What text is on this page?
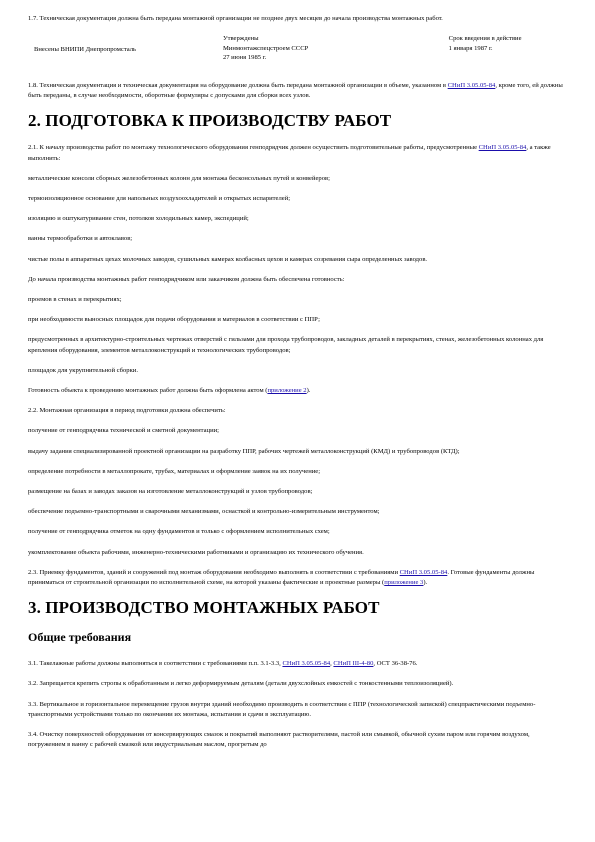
1.7. Техническая документация должна быть передана монтажной организации не позднее двух месяцев до начала производства монтажных работ.

Внесены ВНИПИ Днепропромсталь
Утверждены
Минмонтажспецстроем СССР
27 июня 1985 г.
Срок введения в действие
1 января 1987 г.

1.8. Техническая документация и техническая документация на оборудование должна быть передана монтажной организации в объеме, указанном в СНиП 3.05.05-84, кроме того, ей должны быть переданы, в случае необходимости, оборотные формуляры с допусками для сборки всех узлов.

2. ПОДГОТОВКА К ПРОИЗВОДСТВУ РАБОТ

2.1. К началу производства работ по монтажу технологического оборудования генподрядчик должен осуществить подготовительные работы, предусмотренные СНиП 3.05.05-84, а также выполнить:

металлические консоли сборных железобетонных колонн для монтажа бесконсольных путей и конвейеров;

термоизоляционное основание для напольных воздухоохладителей и открытых испарителей;

изоляцию и оштукатуривание стен, потолков холодильных камер, экспедиций;

ванны термообработки и автоклавов;

чистые полы в аппаратных цехах молочных заводов, сушильных камерах колбасных цехов и камерах созревания сыра определенных заводов.

До начала производства монтажных работ генподрядчиком или заказчиком должна быть обеспечена готовность:

проемов в стенах и перекрытиях;

при необходимости выносных площадок для подачи оборудования и материалов в соответствии с ППР;

предусмотренных в архитектурно-строительных чертежах отверстий с гильзами для прохода трубопроводов, закладных деталей в перекрытиях, стенах, железобетонных колоннах для крепления оборудования, элементов металлоконструкций и технологических трубопроводов;

площадок для укрупнительной сборки.

Готовность объекта к проведению монтажных работ должна быть оформлена актом (приложение 2).

2.2. Монтажная организация в период подготовки должна обеспечить:

получение от генподрядчика технической и сметной документации;

выдачу задания специализированной проектной организации на разработку ППР, рабочих чертежей металлоконструкций (КМД) и трубопроводов (КТД);

определение потребности в металлопрокате, трубах, материалах и оформление заявок на их получение;

размещение на базах и заводах заказов на изготовление металлоконструкций и узлов трубопроводов;

обеспечение подъемно-транспортными и сварочными механизмами, оснасткой и контрольно-измерительным инструментом;

получение от генподрядчика отметок на одну фундаментов и только с оформлением исполнительных схем;

укомплектование объекта рабочими, инженерно-техническими работниками и организацию их технического обучения.

2.3. Приемку фундаментов, зданий и сооружений под монтаж оборудования необходимо выполнять в соответствии с требованиями СНиП 3.05.05-84. Готовые фундаменты должны приниматься от строительной организации по исполнительной схеме, на которой указаны фактические и проектные размеры (приложение 3).

3. ПРОИЗВОДСТВО МОНТАЖНЫХ РАБОТ
Общие требования

3.1. Такелажные работы должны выполняться в соответствии с требованиями п.п. 3.1-3.3, СНиП 3.05.05-84, СНиП III-4-80, ОСТ 36-38-76.

3.2. Запрещается крепить стропы к обработанным и легко деформируемым деталям (детали двухслойных емкостей с тонкостенными теплоизоляцией).

3.3. Вертикальное и горизонтальное перемещение грузов внутри зданий необходимо производить в соответствии с ППР (технологической запиской) спецпрактическими подъемно-транспортными устройствами только по окончании их монтажа, испытания и сдачи в эксплуатацию.

3.4. Очистку поверхностей оборудования от консервирующих смазок и покрытий выполняют растворителями, пастой или смывкой, обычной сухим паром или горячим воздухом, погружением в ванну с рабочей смазкой или индустриальным маслом, прогретым до
